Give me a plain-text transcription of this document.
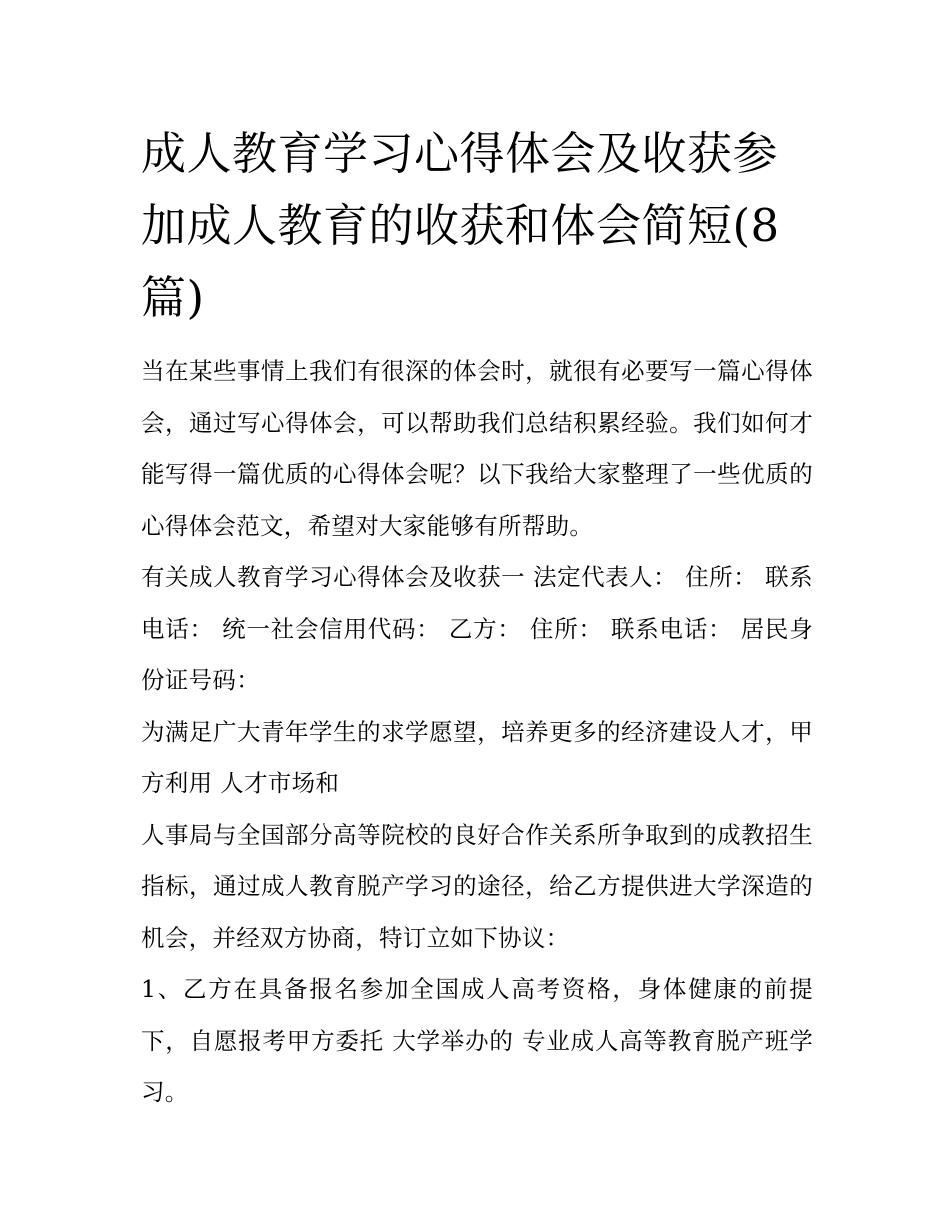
成人教育学习心得体会及收获参加成人教育的收获和体会简短(8篇)

当在某些事情上我们有很深的体会时，就很有必要写一篇心得体会，通过写心得体会，可以帮助我们总结积累经验。我们如何才能写得一篇优质的心得体会呢？以下我给大家整理了一些优质的心得体会范文，希望对大家能够有所帮助。

有关成人教育学习心得体会及收获一 法定代表人： 住所： 联系电话： 统一社会信用代码： 乙方： 住所： 联系电话： 居民身份证号码：

为满足广大青年学生的求学愿望，培养更多的经济建设人才，甲方利用 人才市场和

人事局与全国部分高等院校的良好合作关系所争取到的成教招生指标，通过成人教育脱产学习的途径，给乙方提供进大学深造的机会，并经双方协商，特订立如下协议：

1、乙方在具备报名参加全国成人高考资格，身体健康的前提下，自愿报考甲方委托 大学举办的 专业成人高等教育脱产班学习。
